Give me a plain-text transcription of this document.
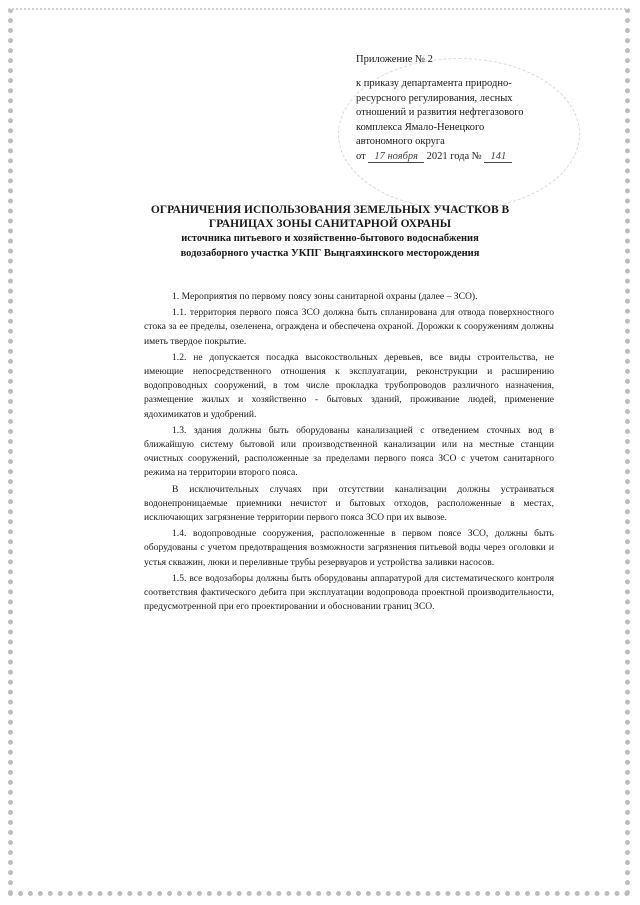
Приложение № 2
к приказу департамента природно-
ресурсного регулирования, лесных
отношений и развития нефтегазового
комплекса Ямало-Ненецкого
автономного округа
от 17 ноября 2021 года № 141
ОГРАНИЧЕНИЯ ИСПОЛЬЗОВАНИЯ ЗЕМЕЛЬНЫХ УЧАСТКОВ В
ГРАНИЦАХ ЗОНЫ САНИТАРНОЙ ОХРАНЫ
источника питьевого и хозяйственно-бытового водоснабжения
водозаборного участка УКПГ Выңгаяхинского месторождения

1. Мероприятия по первому поясу зоны санитарной охраны (далее – ЗСО).

1.1. территория первого пояса ЗСО должна быть спланирована для отвода поверхностного стока за ее пределы, озеленена, ограждена и обеспечена охраной. Дорожки к сооружениям должны иметь твердое покрытие.

1.2. не допускается посадка высокоствольных деревьев, все виды строительства, не имеющие непосредственного отношения к эксплуатации, реконструкции и расширению водопроводных сооружений, в том числе прокладка трубопроводов различного назначения, размещение жилых и хозяйственно - бытовых зданий, проживание людей, применение ядохимикатов и удобрений.

1.3. здания должны быть оборудованы канализацией с отведением сточных вод в ближайшую систему бытовой или производственной канализации или на местные станции очистных сооружений, расположенные за пределами первого пояса ЗСО с учетом санитарного режима на территории второго пояса.

В исключительных случаях при отсутствии канализации должны устраиваться водонепроницаемые приемники нечистот и бытовых отходов, расположенные в местах, исключающих загрязнение территории первого пояса ЗСО при их вывозе.

1.4. водопроводные сооружения, расположенные в первом поясе ЗСО, должны быть оборудованы с учетом предотвращения возможности загрязнения питьевой воды через оголовки и устья скважин, люки и переливные трубы резервуаров и устройства заливки насосов.

1.5. все водозаборы должны быть оборудованы аппаратурой для систематического контроля соответствия фактического дебита при эксплуатации водопровода проектной производительности, предусмотренной при его проектировании и обосновании границ ЗСО.
